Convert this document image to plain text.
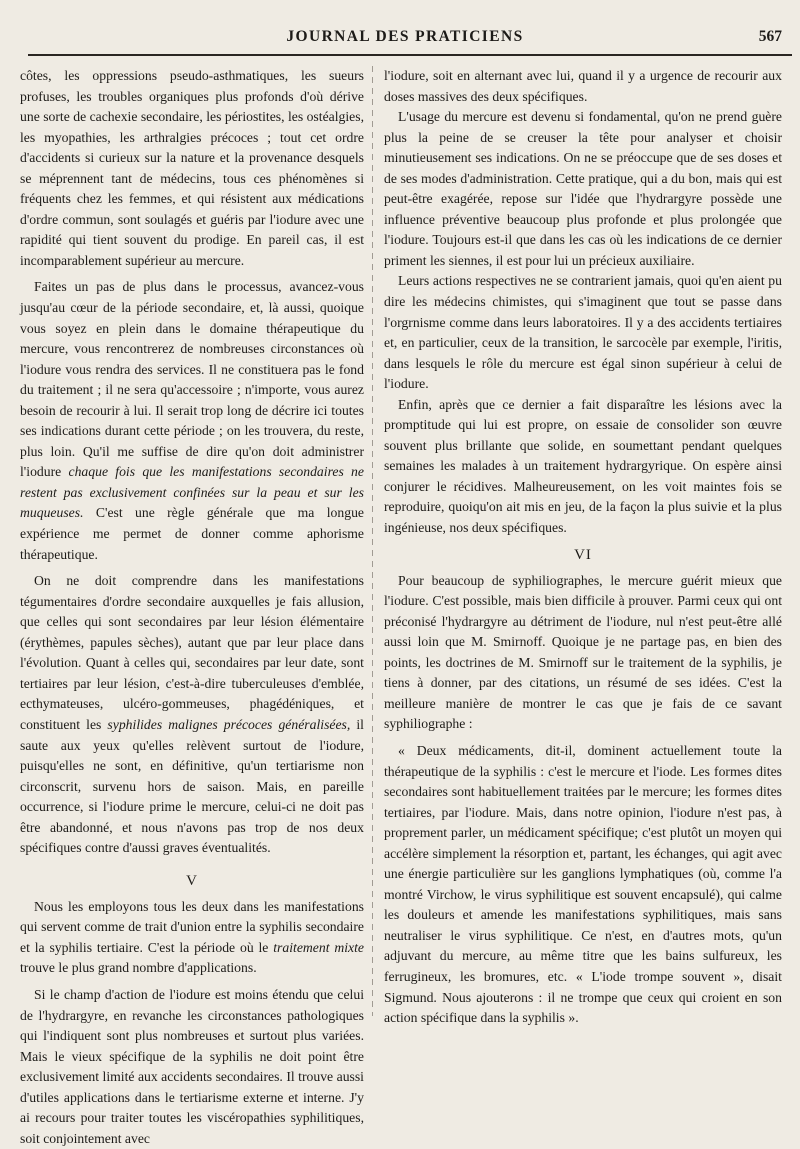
JOURNAL DES PRATICIENS	567

côtes, les oppressions pseudo-asthmatiques, les sueurs profuses, les troubles organiques plus profonds d'où dérive une sorte de cachexie secondaire, les périostites, les ostéalgies, les myopathies, les arthralgies précoces ; tout cet ordre d'accidents si curieux sur la nature et la provenance desquels se méprennent tant de médecins, tous ces phénomènes si fréquents chez les femmes, et qui résistent aux médications d'ordre commun, sont soulagés et guéris par l'iodure avec une rapidité qui tient souvent du prodige. En pareil cas, il est incomparablement supérieur au mercure.

Faites un pas de plus dans le processus, avancez-vous jusqu'au cœur de la période secondaire, et, là aussi, quoique vous soyez en plein dans le domaine thérapeutique du mercure, vous rencontrerez de nombreuses circonstances où l'iodure vous rendra des services. Il ne constituera pas le fond du traitement ; il ne sera qu'accessoire ; n'importe, vous aurez besoin de recourir à lui. Il serait trop long de décrire ici toutes ses indications durant cette période ; on les trouvera, du reste, plus loin. Qu'il me suffise de dire qu'on doit administrer l'iodure chaque fois que les manifestations secondaires ne restent pas exclusivement confinées sur la peau et sur les muqueuses. C'est une règle générale que ma longue expérience me permet de donner comme aphorisme thérapeutique.

On ne doit comprendre dans les manifestations tégumentaires d'ordre secondaire auxquelles je fais allusion, que celles qui sont secondaires par leur lésion élémentaire (érythèmes, papules sèches), autant que par leur place dans l'évolution. Quant à celles qui, secondaires par leur date, sont tertiaires par leur lésion, c'est-à-dire tuberculeuses d'emblée, ecthymateuses, ulcéro-gommeuses, phagédéniques, et constituent les syphilides malignes précoces généralisées, il saute aux yeux qu'elles relèvent surtout de l'iodure, puisqu'elles ne sont, en définitive, qu'un tertiarisme non circonscrit, survenu hors de saison. Mais, en pareille occurrence, si l'iodure prime le mercure, celui-ci ne doit pas être abandonné, et nous n'avons pas trop de nos deux spécifiques contre d'aussi graves éventualités.

V

Nous les employons tous les deux dans les manifestations qui servent comme de trait d'union entre la syphilis secondaire et la syphilis tertiaire. C'est la période où le traitement mixte trouve le plus grand nombre d'applications.

Si le champ d'action de l'iodure est moins étendu que celui de l'hydrargyre, en revanche les circonstances pathologiques qui l'indiquent sont plus nombreuses et surtout plus variées. Mais le vieux spécifique de la syphilis ne doit point être exclusivement limité aux accidents secondaires. Il trouve aussi d'utiles applications dans le tertiarisme externe et interne. J'y ai recours pour traiter toutes les viscéropathies syphilitiques, soit conjointement avec

l'iodure, soit en alternant avec lui, quand il y a urgence de recourir aux doses massives des deux spécifiques.

L'usage du mercure est devenu si fondamental, qu'on ne prend guère plus la peine de se creuser la tête pour analyser et choisir minutieusement ses indications. On ne se préoccupe que de ses doses et de ses modes d'administration. Cette pratique, qui a du bon, mais qui est peut-être exagérée, repose sur l'idée que l'hydrargyre possède une influence préventive beaucoup plus profonde et plus prolongée que l'iodure. Toujours est-il que dans les cas où les indications de ce dernier priment les siennes, il est pour lui un précieux auxiliaire.

Leurs actions respectives ne se contrarient jamais, quoi qu'en aient pu dire les médecins chimistes, qui s'imaginent que tout se passe dans l'orgrnisme comme dans leurs laboratoires. Il y a des accidents tertiaires et, en particulier, ceux de la transition, le sarcocèle par exemple, l'iritis, dans lesquels le rôle du mercure est égal sinon supérieur à celui de l'iodure.

Enfin, après que ce dernier a fait disparaître les lésions avec la promptitude qui lui est propre, on essaie de consolider son œuvre souvent plus brillante que solide, en soumettant pendant quelques semaines les malades à un traitement hydrargyrique. On espère ainsi conjurer le récidives. Malheureusement, on les voit maintes fois se reproduire, quoiqu'on ait mis en jeu, de la façon la plus suivie et la plus ingénieuse, nos deux spécifiques.

VI

Pour beaucoup de syphiliographes, le mercure guérit mieux que l'iodure. C'est possible, mais bien difficile à prouver. Parmi ceux qui ont préconisé l'hydrargyre au détriment de l'iodure, nul n'est peut-être allé aussi loin que M. Smirnoff. Quoique je ne partage pas, en bien des points, les doctrines de M. Smirnoff sur le traitement de la syphilis, je tiens à donner, par des citations, un résumé de ses idées. C'est la meilleure manière de montrer le cas que je fais de ce savant syphiliographe :

« Deux médicaments, dit-il, dominent actuellement toute la thérapeutique de la syphilis : c'est le mercure et l'iode. Les formes dites secondaires sont habituellement traitées par le mercure; les formes dites tertiaires, par l'iodure. Mais, dans notre opinion, l'iodure n'est pas, à proprement parler, un médicament spécifique; c'est plutôt un moyen qui accélère simplement la résorption et, partant, les échanges, qui agit avec une énergie particulière sur les ganglions lymphatiques (où, comme l'a montré Virchow, le virus syphilitique est souvent encapsulé), qui calme les douleurs et amende les manifestations syphilitiques, mais sans neutraliser le virus syphilitique. Ce n'est, en d'autres mots, qu'un adjuvant du mercure, au même titre que les bains sulfureux, les ferrugineux, les bromures, etc. « L'iode trompe souvent », disait Sigmund. Nous ajouterons : il ne trompe que ceux qui croient en son action spécifique dans la syphilis ».
